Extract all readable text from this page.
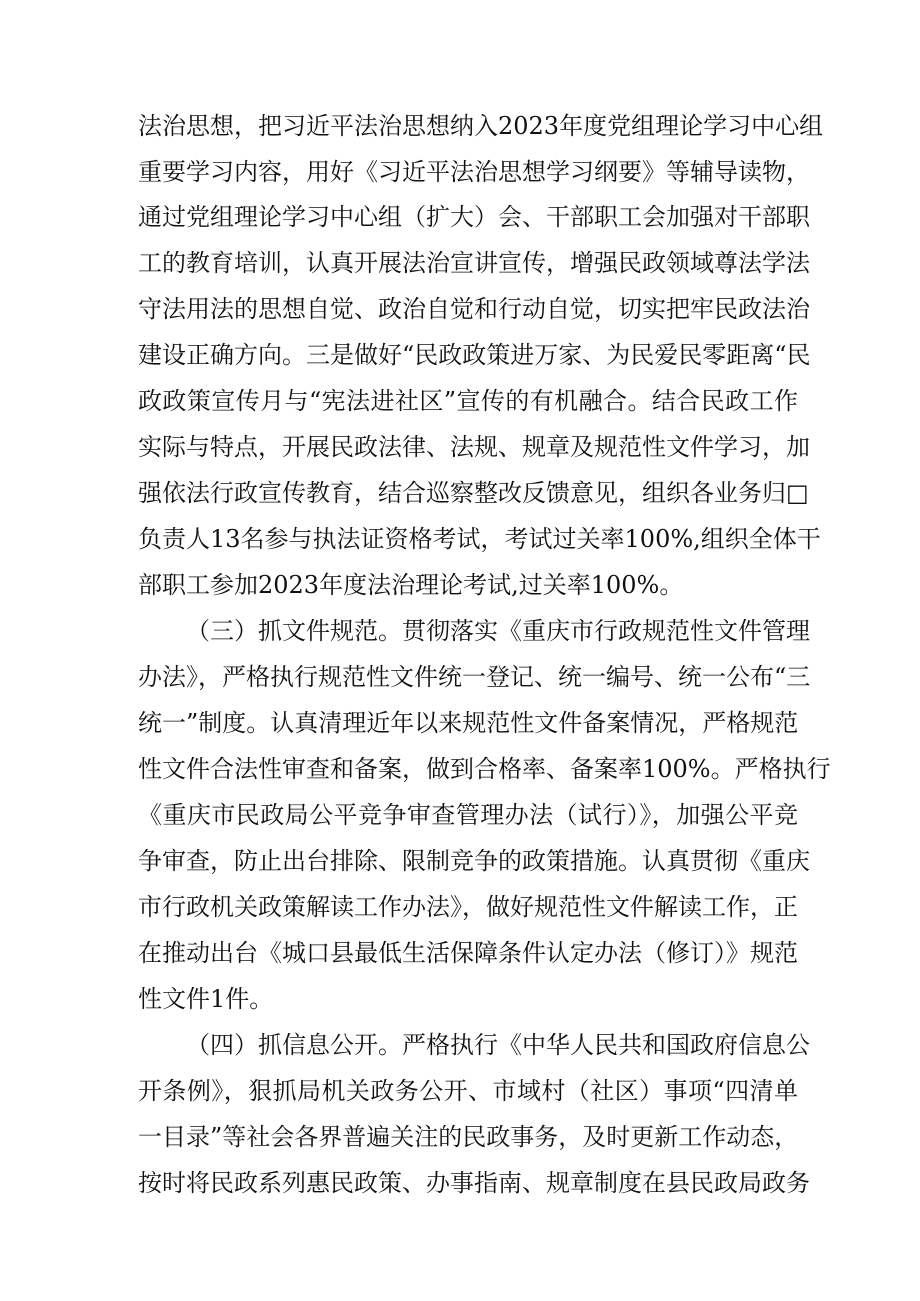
法治思想，把习近平法治思想纳入2023年度党组理论学习中心组

重要学习内容，用好《习近平法治思想学习纲要》等辅导读物，

通过党组理论学习中心组（扩大）会、干部职工会加强对干部职

工的教育培训，认真开展法治宣讲宣传，增强民政领域尊法学法

守法用法的思想自觉、政治自觉和行动自觉，切实把牢民政法治

建设正确方向。三是做好“民政政策进万家、为民爱民零距离“民

政政策宣传月与“宪法进社区”宣传的有机融合。结合民政工作

实际与特点，开展民政法律、法规、规章及规范性文件学习，加

强依法行政宣传教育，结合巡察整改反馈意见，组织各业务归□

负责人13名参与执法证资格考试，考试过关率100%,组织全体干

部职工参加2023年度法治理论考试,过关率100%。

（三）抓文件规范。贯彻落实《重庆市行政规范性文件管理

办法》，严格执行规范性文件统一登记、统一编号、统一公布“三

统一”制度。认真清理近年以来规范性文件备案情况，严格规范

性文件合法性审查和备案，做到合格率、备案率100%。严格执行

《重庆市民政局公平竞争审查管理办法（试行）》，加强公平竞

争审查，防止出台排除、限制竞争的政策措施。认真贯彻《重庆

市行政机关政策解读工作办法》，做好规范性文件解读工作，正

在推动出台《城口县最低生活保障条件认定办法（修订）》规范

性文件1件。

（四）抓信息公开。严格执行《中华人民共和国政府信息公

开条例》，狠抓局机关政务公开、市域村（社区）事项“四清单

一目录”等社会各界普遍关注的民政事务，及时更新工作动态，

按时将民政系列惠民政策、办事指南、规章制度在县民政局政务
